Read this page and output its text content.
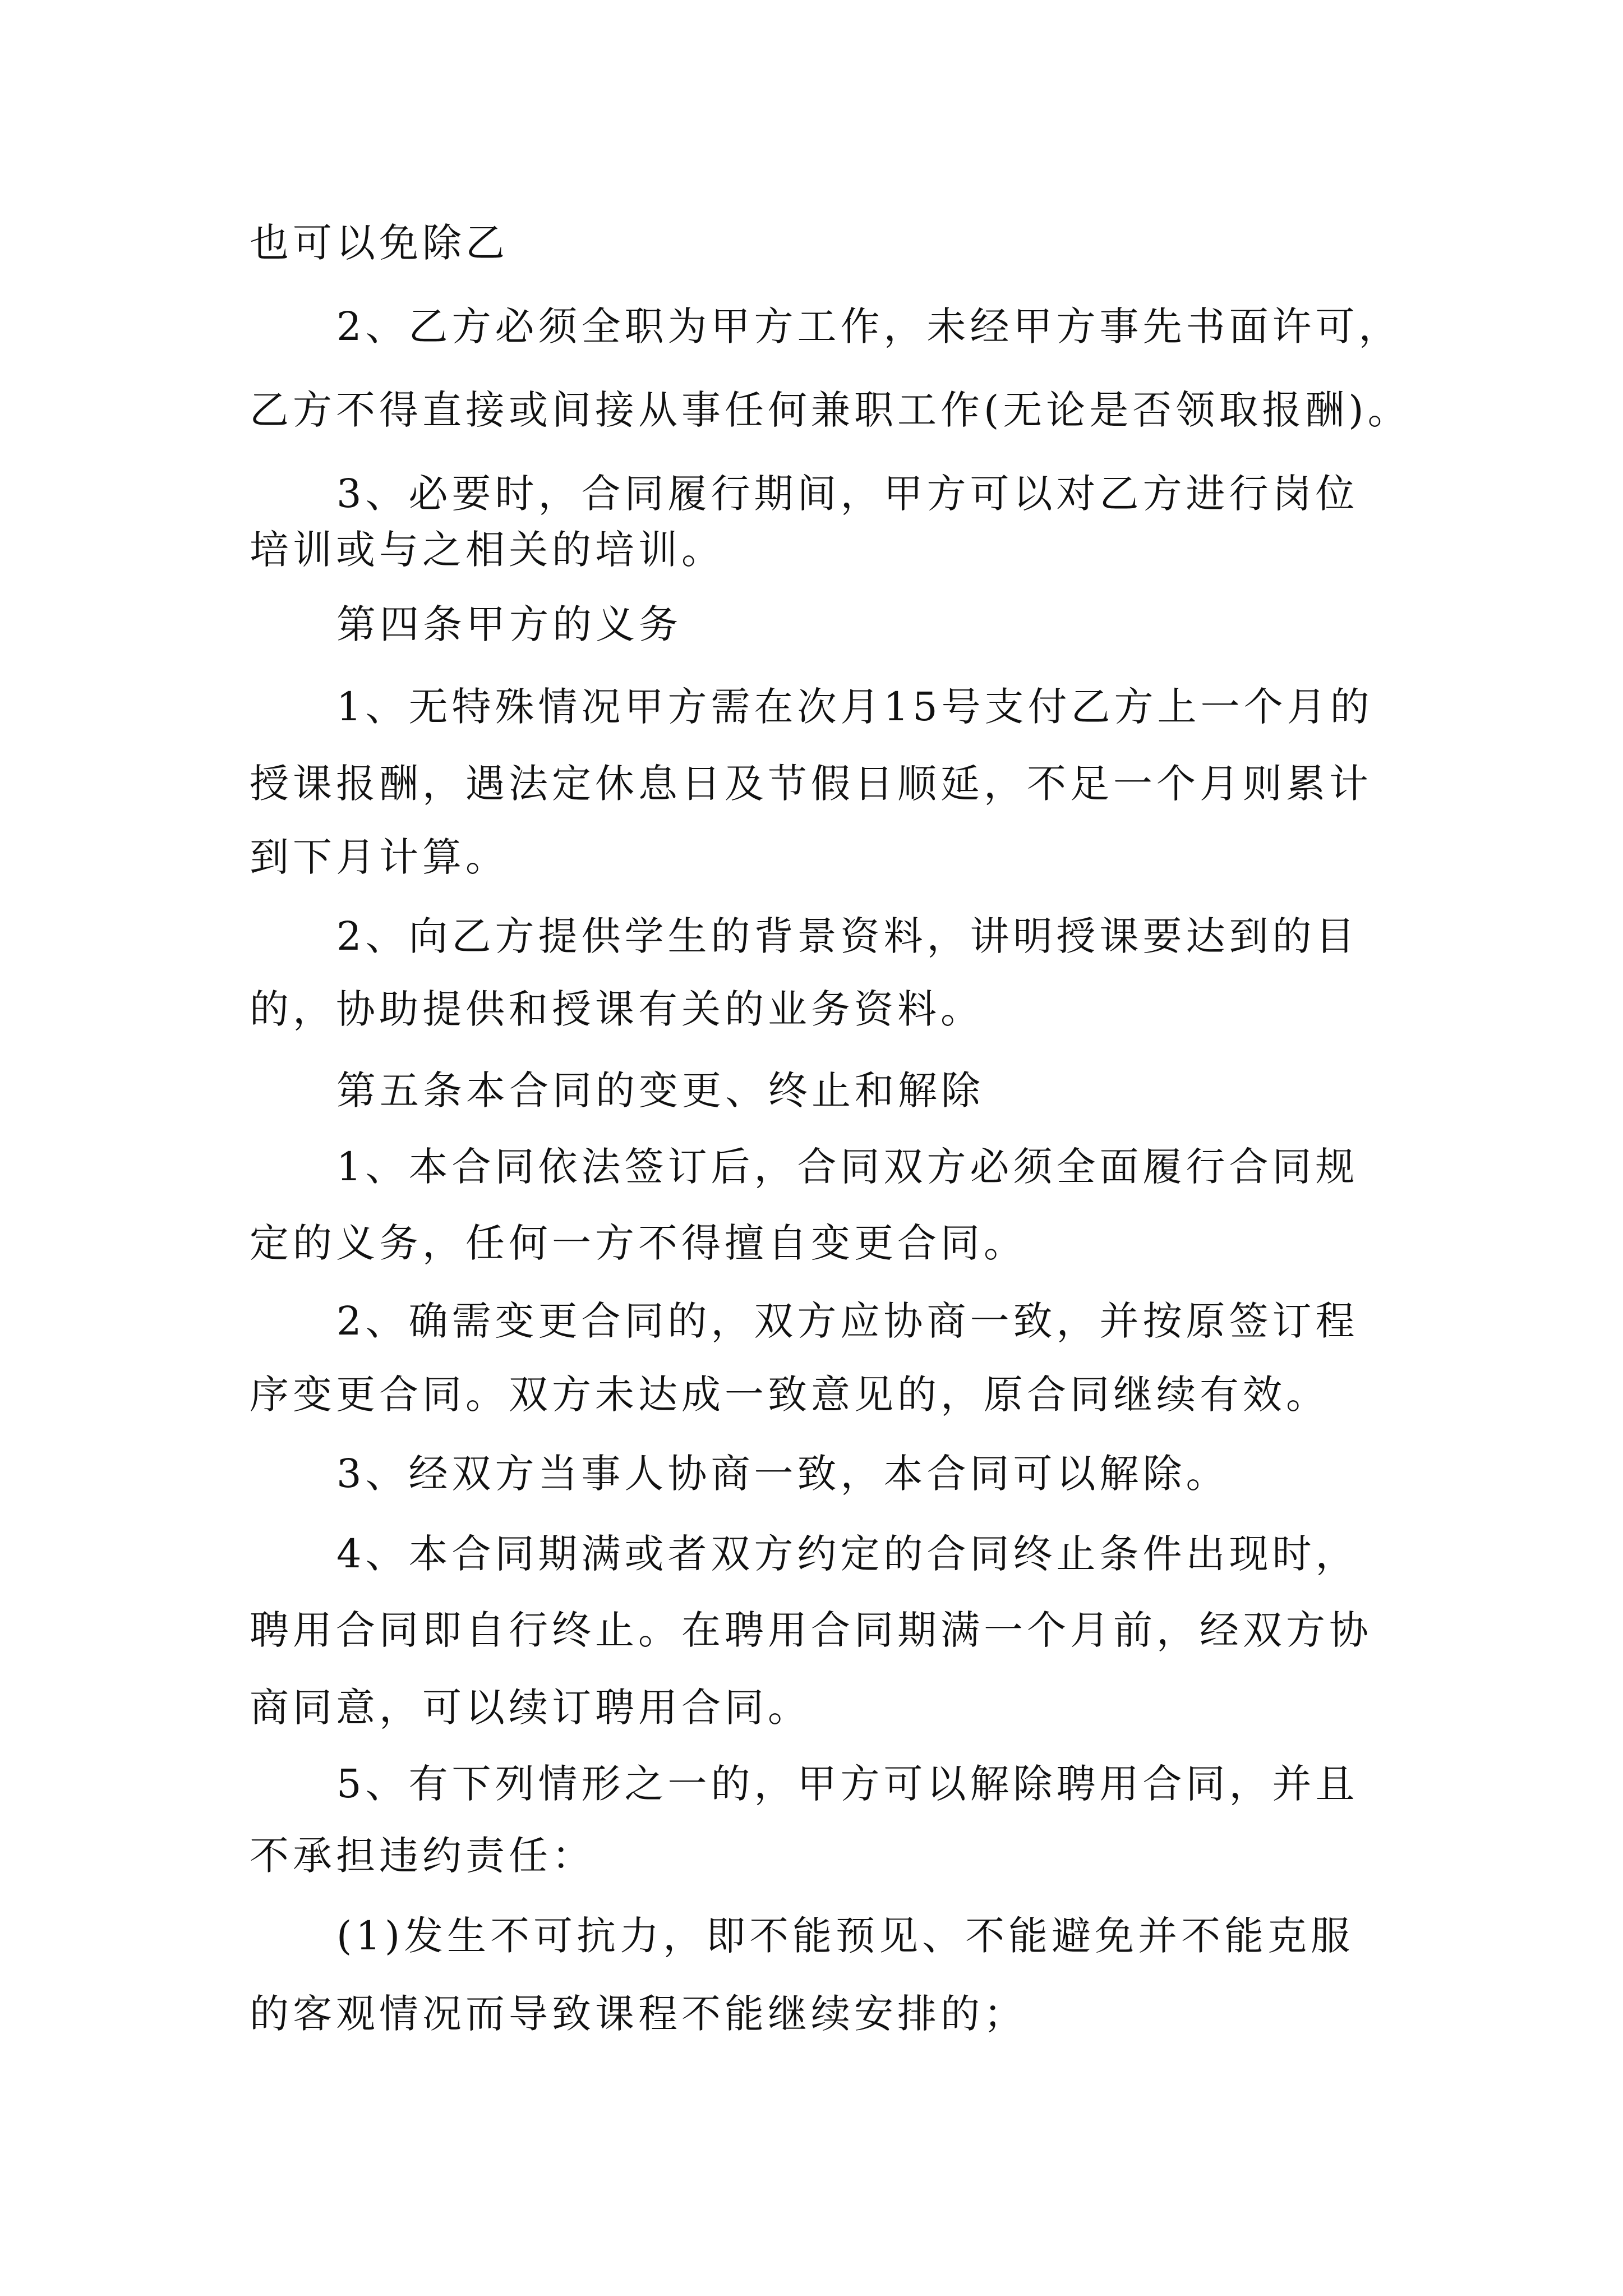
也可以免除乙
2、乙方必须全职为甲方工作，未经甲方事先书面许可，
乙方不得直接或间接从事任何兼职工作(无论是否领取报酬)。
3、必要时，合同履行期间，甲方可以对乙方进行岗位
培训或与之相关的培训。
第四条甲方的义务
1、无特殊情况甲方需在次月15号支付乙方上一个月的
授课报酬，遇法定休息日及节假日顺延，不足一个月则累计
到下月计算。
2、向乙方提供学生的背景资料，讲明授课要达到的目
的，协助提供和授课有关的业务资料。
第五条本合同的变更、终止和解除
1、本合同依法签订后，合同双方必须全面履行合同规
定的义务，任何一方不得擅自变更合同。
2、确需变更合同的，双方应协商一致，并按原签订程
序变更合同。双方未达成一致意见的，原合同继续有效。
3、经双方当事人协商一致，本合同可以解除。
4、本合同期满或者双方约定的合同终止条件出现时，
聘用合同即自行终止。在聘用合同期满一个月前，经双方协
商同意，可以续订聘用合同。
5、有下列情形之一的，甲方可以解除聘用合同，并且
不承担违约责任：
(1)发生不可抗力，即不能预见、不能避免并不能克服
的客观情况而导致课程不能继续安排的；
